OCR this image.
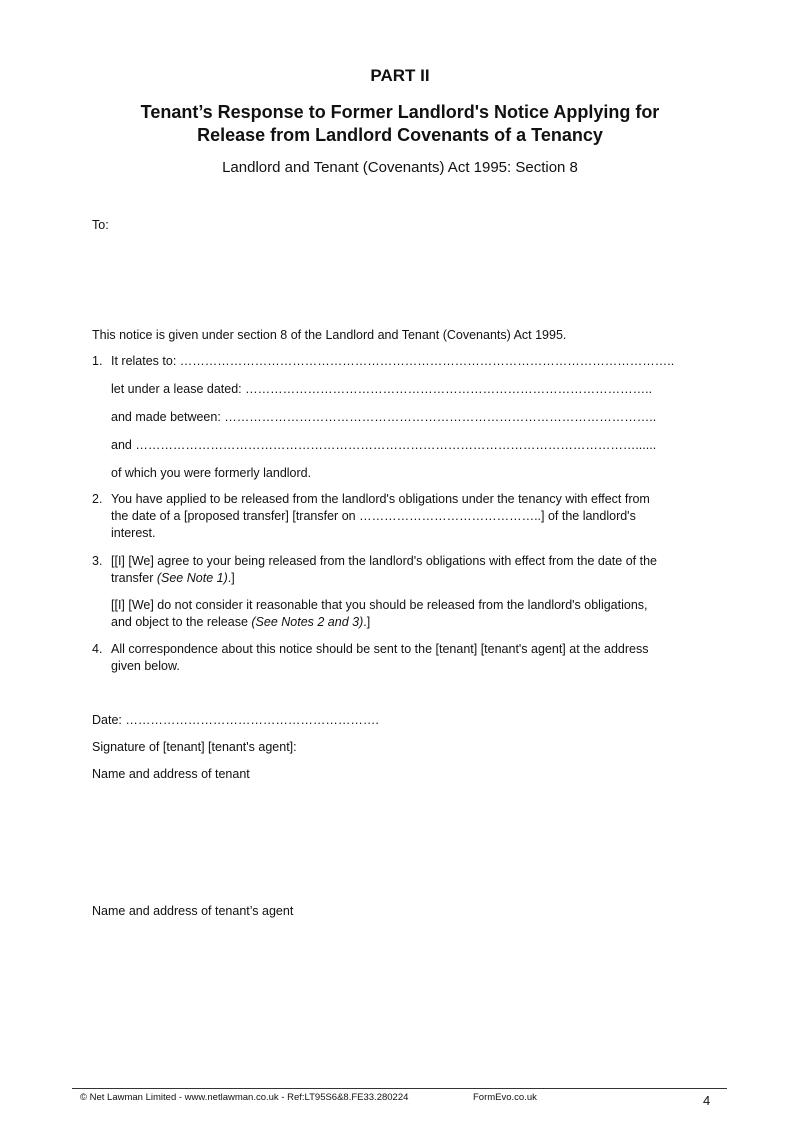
PART II
Tenant’s Response to Former Landlord's Notice Applying for
Release from Landlord Covenants of a Tenancy
Landlord and Tenant (Covenants) Act 1995: Section 8
To:
This notice is given under section 8 of the Landlord and Tenant (Covenants) Act 1995.
1. It relates to: ………………………………………………………………………………………………………..
let under a lease dated: ……………………………………………………………………………………..
and made between: …………………………………………………………………………………………..
and …………………………………………………………………………………………………………......
of which you were formerly landlord.
2. You have applied to be released from the landlord's obligations under the tenancy with effect from
the date of a [proposed transfer] [transfer on ……………………………………..] of the landlord's
interest.
3. [[I] [We] agree to your being released from the landlord's obligations with effect from the date of the
transfer (See Note 1).]
[[I] [We] do not consider it reasonable that you should be released from the landlord's obligations,
and object to the release (See Notes 2 and 3).]
4. All correspondence about this notice should be sent to the [tenant] [tenant's agent] at the address
given below.
Date: …………………………………………………….
Signature of [tenant] [tenant's agent]:
Name and address of tenant
Name and address of tenant’s agent
© Net Lawman Limited - www.netlawman.co.uk - Ref:LT95S6&8.FE33.280224	FormEvo.co.uk	4
